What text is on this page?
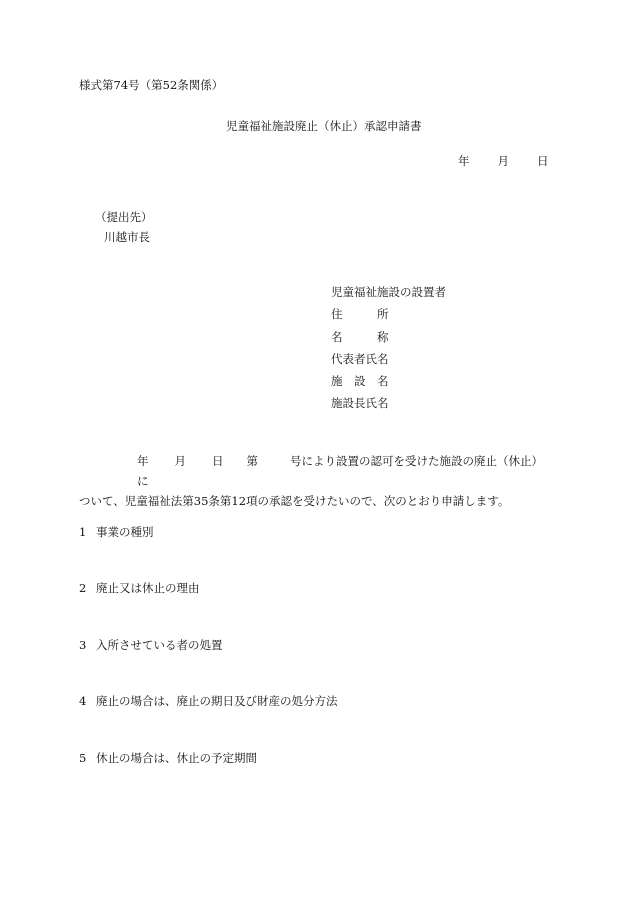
様式第74号（第52条関係）
児童福祉施設廃止（休止）承認申請書
年 月 日
（提出先）
川越市長
児童福祉施設の設置者
住　　　所
名　　　称
代表者氏名
施　設　名
施設長氏名
年 月 日 第	号により設置の認可を受けた施設の廃止（休止）に
ついて、児童福祉法第35条第12項の承認を受けたいので、次のとおり申請します。
1 事業の種別
2 廃止又は休止の理由
3 入所させている者の処置
4 廃止の場合は、廃止の期日及び財産の処分方法
5 休止の場合は、休止の予定期間
